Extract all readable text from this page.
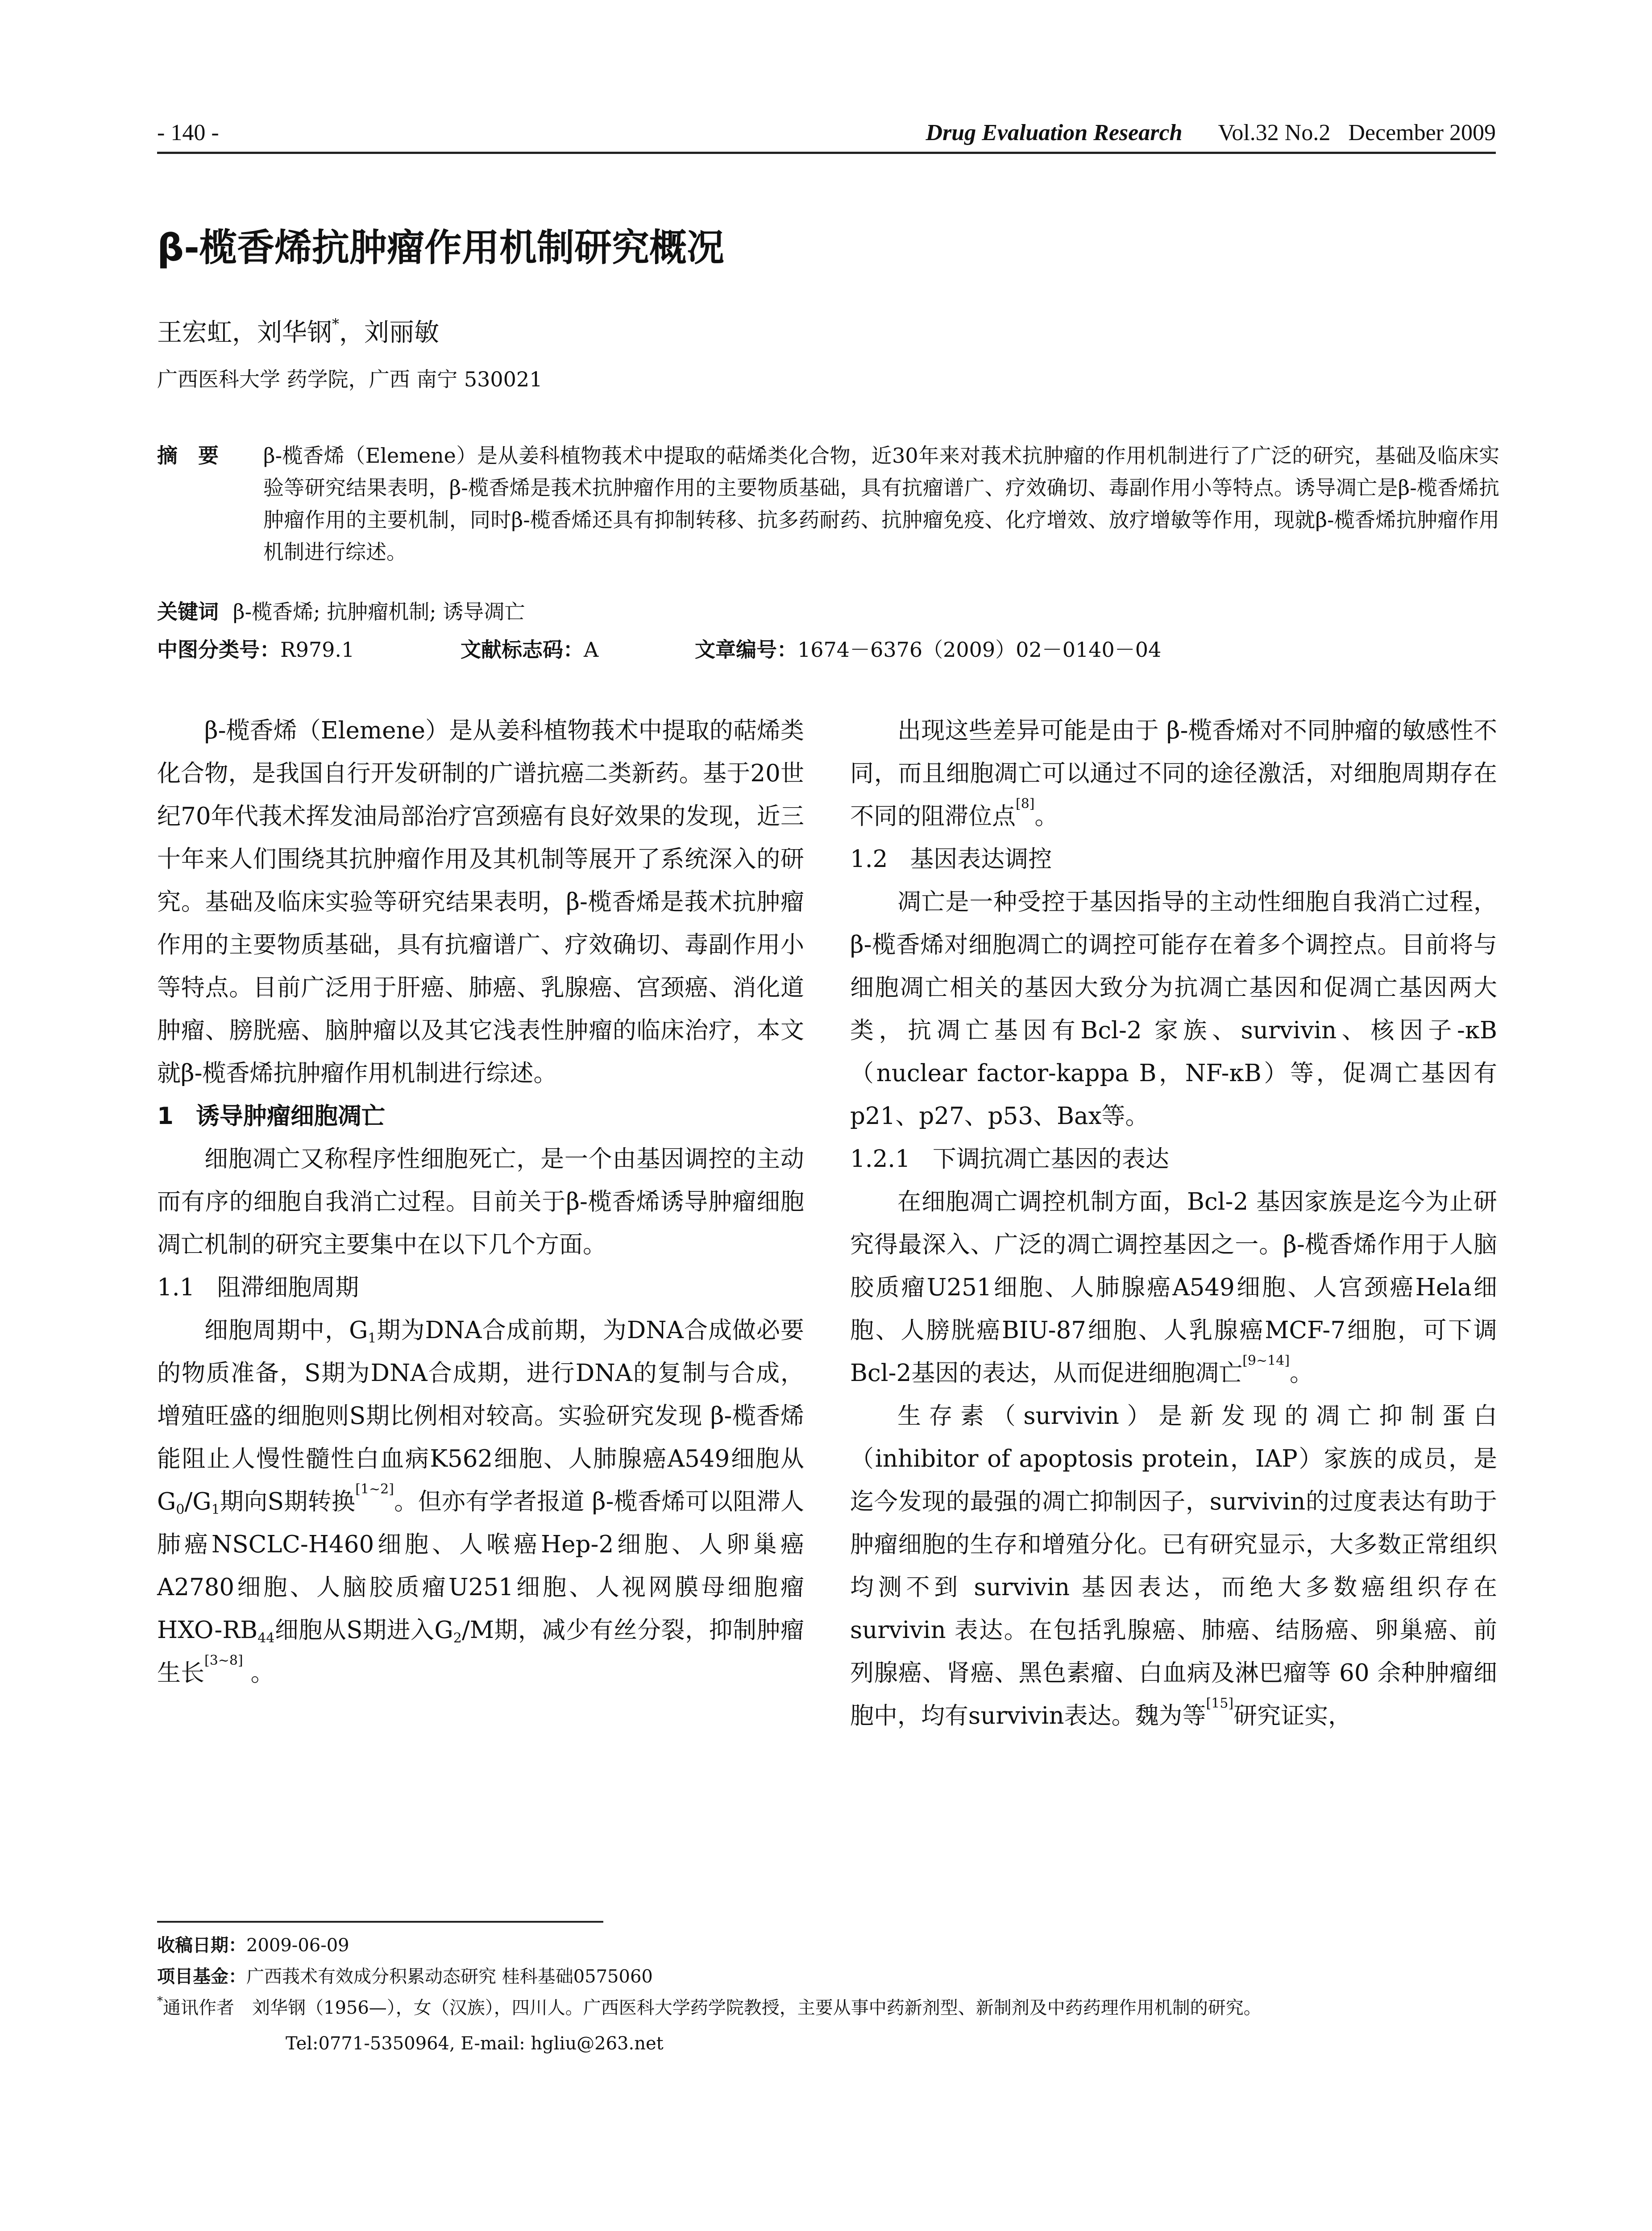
- 140 -	Drug Evaluation Research Vol.32 No.2 December 2009
β-榄香烯抗肿瘤作用机制研究概况
王宏虹，刘华钢*，刘丽敏
广西医科大学 药学院，广西 南宁 530021
摘要 β-榄香烯（Elemene）是从姜科植物莪术中提取的萜烯类化合物，近30年来对莪术抗肿瘤的作用机制进行了广泛的研究，基础及临床实验等研究结果表明，β-榄香烯是莪术抗肿瘤作用的主要物质基础，具有抗瘤谱广、疗效确切、毒副作用小等特点。诱导凋亡是β-榄香烯抗肿瘤作用的主要机制，同时β-榄香烯还具有抑制转移、抗多药耐药、抗肿瘤免疫、化疗增效、放疗增敏等作用，现就β-榄香烯抗肿瘤作用机制进行综述。
关键词 β-榄香烯; 抗肿瘤机制; 诱导凋亡
中图分类号：R979.1	文献标志码：A	文章编号：1674－6376（2009）02－0140－04

β-榄香烯（Elemene）是从姜科植物莪术中提取的萜烯类化合物，是我国自行开发研制的广谱抗癌二类新药。基于20世纪70年代莪术挥发油局部治疗宫颈癌有良好效果的发现，近三十年来人们围绕其抗肿瘤作用及其机制等展开了系统深入的研究。基础及临床实验等研究结果表明，β-榄香烯是莪术抗肿瘤作用的主要物质基础，具有抗瘤谱广、疗效确切、毒副作用小等特点。目前广泛用于肝癌、肺癌、乳腺癌、宫颈癌、消化道肿瘤、膀胱癌、脑肿瘤以及其它浅表性肿瘤的临床治疗，本文就β-榄香烯抗肿瘤作用机制进行综述。

1 诱导肿瘤细胞凋亡

细胞凋亡又称程序性细胞死亡，是一个由基因调控的主动而有序的细胞自我消亡过程。目前关于β-榄香烯诱导肿瘤细胞凋亡机制的研究主要集中在以下几个方面。

1.1 阻滞细胞周期

细胞周期中，$G_1$期为DNA合成前期，为DNA合成做必要的物质准备，S期为DNA合成期，进行DNA的复制与合成，增殖旺盛的细胞则S期比例相对较高。实验研究发现 β-榄香烯能阻止人慢性髓性白血病K562细胞、人肺腺癌A549细胞从$G_0/G_1$期向S期转换[1~2]。但亦有学者报道 β-榄香烯可以阻滞人肺癌NSCLC-H460细胞、人喉癌Hep-2细胞、人卵巢癌A2780细胞、人脑胶质瘤U251细胞、人视网膜母细胞瘤HXO-$RB_{44}$细胞从S期进入$G_2/M$期，减少有丝分裂，抑制肿瘤生长[3~8] 。

出现这些差异可能是由于 β-榄香烯对不同肿瘤的敏感性不同，而且细胞凋亡可以通过不同的途径激活，对细胞周期存在不同的阻滞位点[8]。

1.2 基因表达调控

凋亡是一种受控于基因指导的主动性细胞自我消亡过程，β-榄香烯对细胞凋亡的调控可能存在着多个调控点。目前将与细胞凋亡相关的基因大致分为抗凋亡基因和促凋亡基因两大类，抗凋亡基因有Bcl-2 家族、survivin、核因子-κB（nuclear factor-kappa B，NF-κB）等，促凋亡基因有p21、p27、p53、Bax等。

1.2.1 下调抗凋亡基因的表达

在细胞凋亡调控机制方面，Bcl-2 基因家族是迄今为止研究得最深入、广泛的凋亡调控基因之一。β-榄香烯作用于人脑胶质瘤U251细胞、人肺腺癌A549细胞、人宫颈癌Hela细胞、人膀胱癌BIU-87细胞、人乳腺癌MCF-7细胞，可下调Bcl-2基因的表达，从而促进细胞凋亡[9~14]。

生存素（survivin）是新发现的凋亡抑制蛋白（inhibitor of apoptosis protein，IAP）家族的成员，是迄今发现的最强的凋亡抑制因子，survivin的过度表达有助于肿瘤细胞的生存和增殖分化。已有研究显示，大多数正常组织均测不到 survivin 基因表达，而绝大多数癌组织存在survivin 表达。在包括乳腺癌、肺癌、结肠癌、卵巢癌、前列腺癌、肾癌、黑色素瘤、白血病及淋巴瘤等 60 余种肿瘤细胞中，均有survivin表达。魏为等[15]研究证实，

收稿日期：2009-06-09
项目基金：广西莪术有效成分积累动态研究 桂科基础0575060
*通讯作者 刘华钢（1956—），女（汉族），四川人。广西医科大学药学院教授，主要从事中药新剂型、新制剂及中药药理作用机制的研究。
Tel:0771-5350964, E-mail: hgliu@263.net
